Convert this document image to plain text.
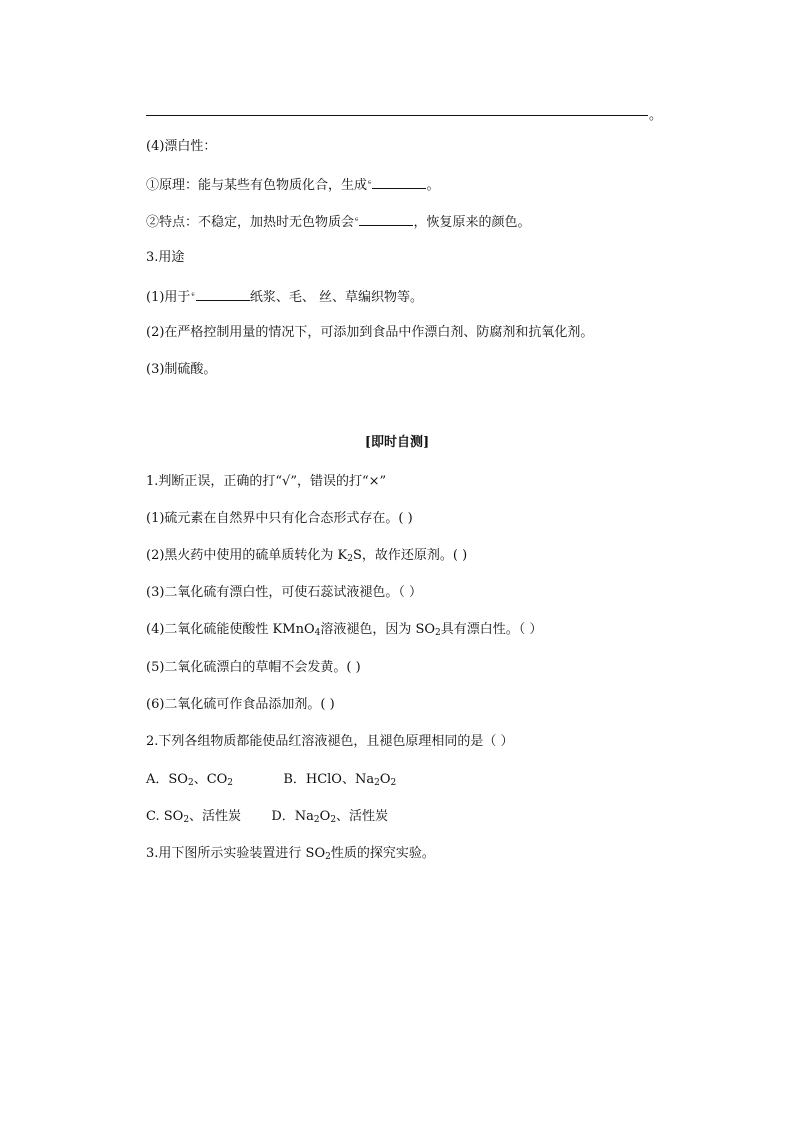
。
(4)漂白性：
①原理：能与某些有色物质化合，生成ᶝ	。
②特点：不稳定，加热时无色物质会ᶝ	，恢复原来的颜色。
3.用途
(1)用于ᶝ	纸浆、毛、 丝、草编织物等。
(2)在严格控制用量的情况下，可添加到食品中作漂白剂、防腐剂和抗氧化剂。
(3)制硫酸。
[即时自测]
1.判断正误，正确的打“√”，错误的打“×”
(1)硫元素在自然界中只有化合态形式存在。( )
(2)黑火药中使用的硫单质转化为 $K_2S$，故作还原剂。( )
(3)二氧化硫有漂白性，可使石蕊试液褪色。（ ）
(4)二氧化硫能使酸性 KMnO$_4$溶液褪色，因为 $SO_2$具有漂白性。（ ）
(5)二氧化硫漂白的草帽不会发黄。( )
(6)二氧化硫可作食品添加剂。( )
2.下列各组物质都能使品红溶液褪色，且褪色原理相同的是（ ）
A．$SO_2$、$CO_2$	B．HClO、$Na_2O_2$
C. $SO_2$、活性炭 D．$Na_2O_2$、活性炭
3.用下图所示实验装置进行 $SO_2$性质的探究实验。
